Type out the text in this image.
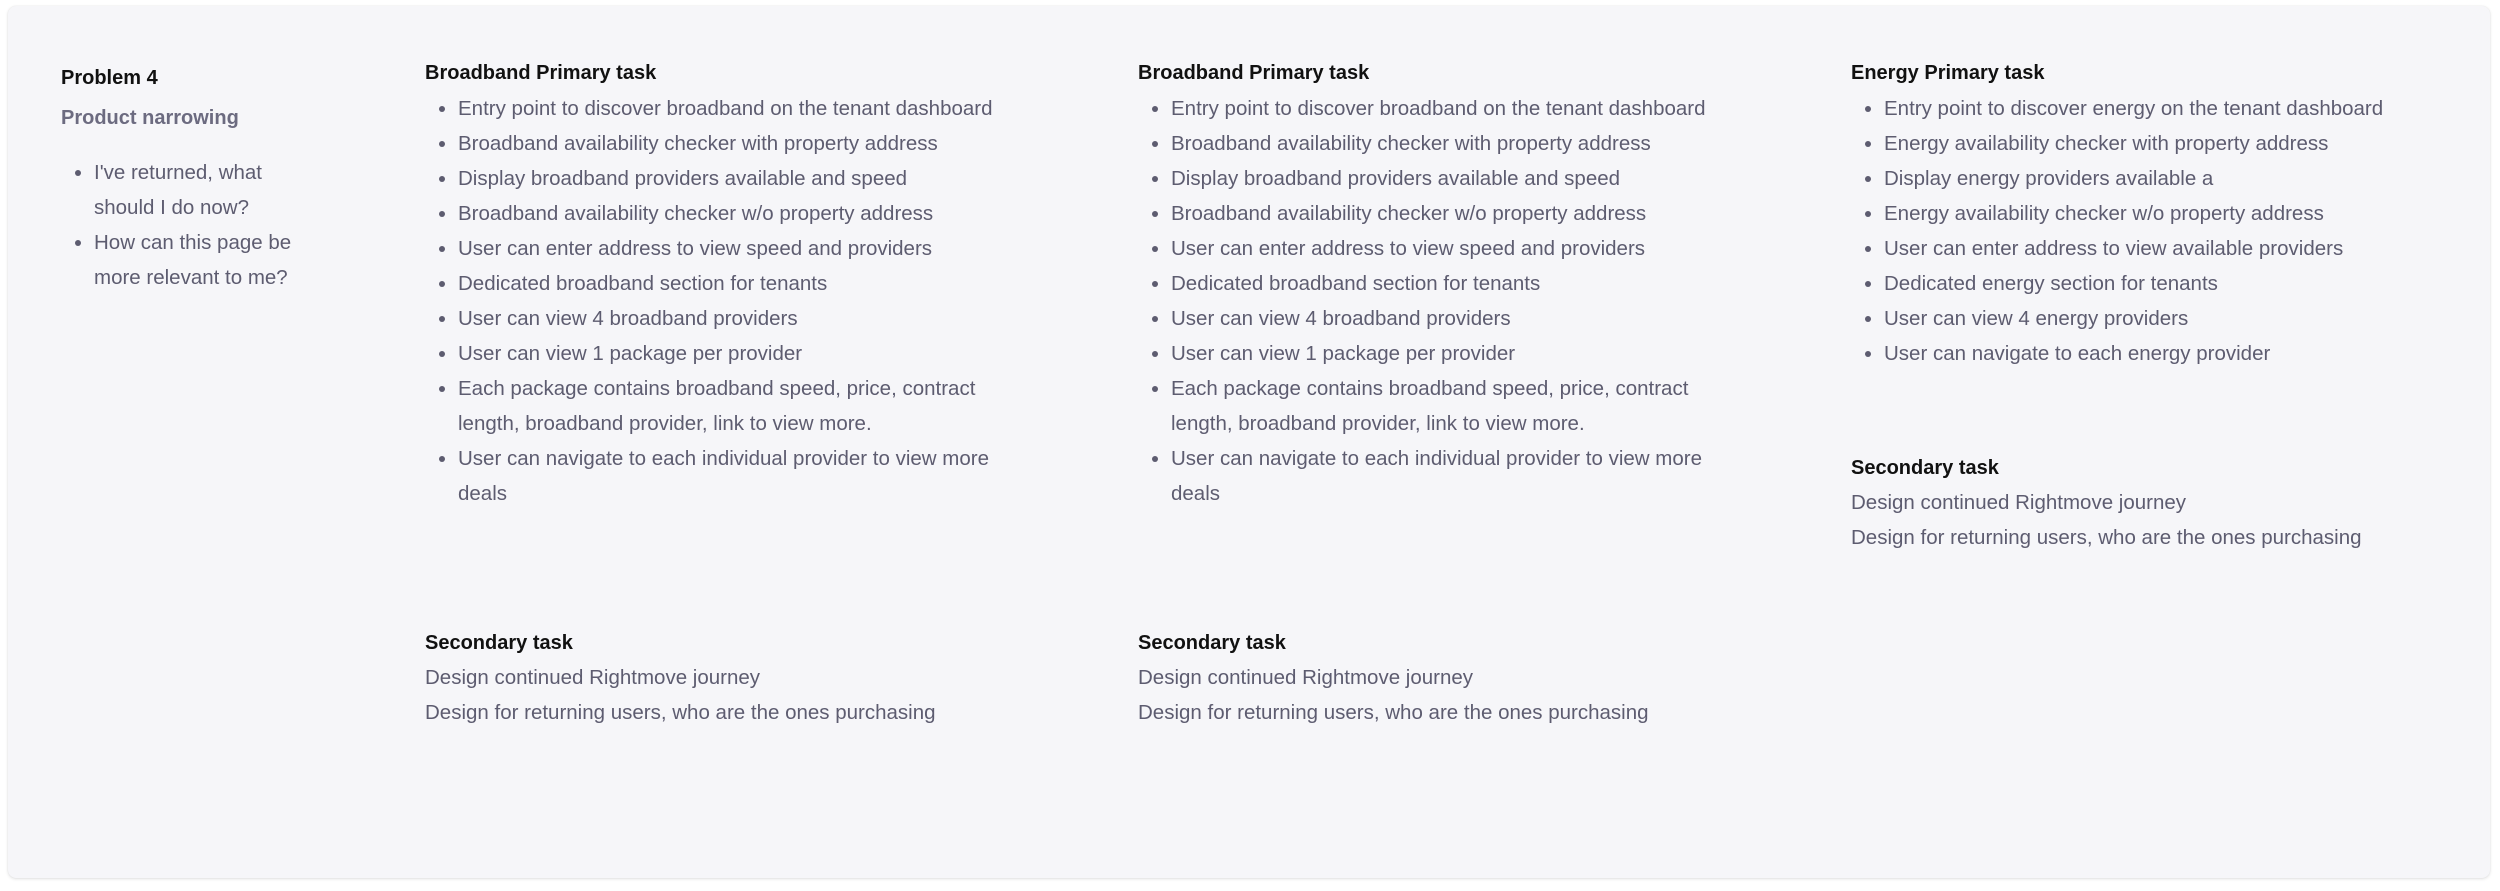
Problem 4
Product narrowing
I've returned, what should I do now?
How can this page be more relevant to me?
Broadband Primary task
Entry point to discover broadband on the tenant dashboard
Broadband availability checker with property address
Display broadband providers available and speed
Broadband availability checker w/o property address
User can enter address to view speed and providers
Dedicated broadband section for tenants
User can view 4 broadband providers
User can view 1 package per provider
Each package contains broadband speed, price, contract length, broadband provider, link to view more.
User can navigate to each individual provider to view more deals
Secondary task
Design continued Rightmove journey
Design for returning users, who are the ones purchasing
Broadband Primary task
Entry point to discover broadband on the tenant dashboard
Broadband availability checker with property address
Display broadband providers available and speed
Broadband availability checker w/o property address
User can enter address to view speed and providers
Dedicated broadband section for tenants
User can view 4 broadband providers
User can view 1 package per provider
Each package contains broadband speed, price, contract length, broadband provider, link to view more.
User can navigate to each individual provider to view more deals
Secondary task
Design continued Rightmove journey
Design for returning users, who are the ones purchasing
Energy Primary task
Entry point to discover energy on the tenant dashboard
Energy availability checker with property address
Display energy providers available a
Energy availability checker w/o property address
User can enter address to view available providers
Dedicated energy section for tenants
User can view 4 energy providers
User can navigate to each energy provider
Secondary task
Design continued Rightmove journey
Design for returning users, who are the ones purchasing
